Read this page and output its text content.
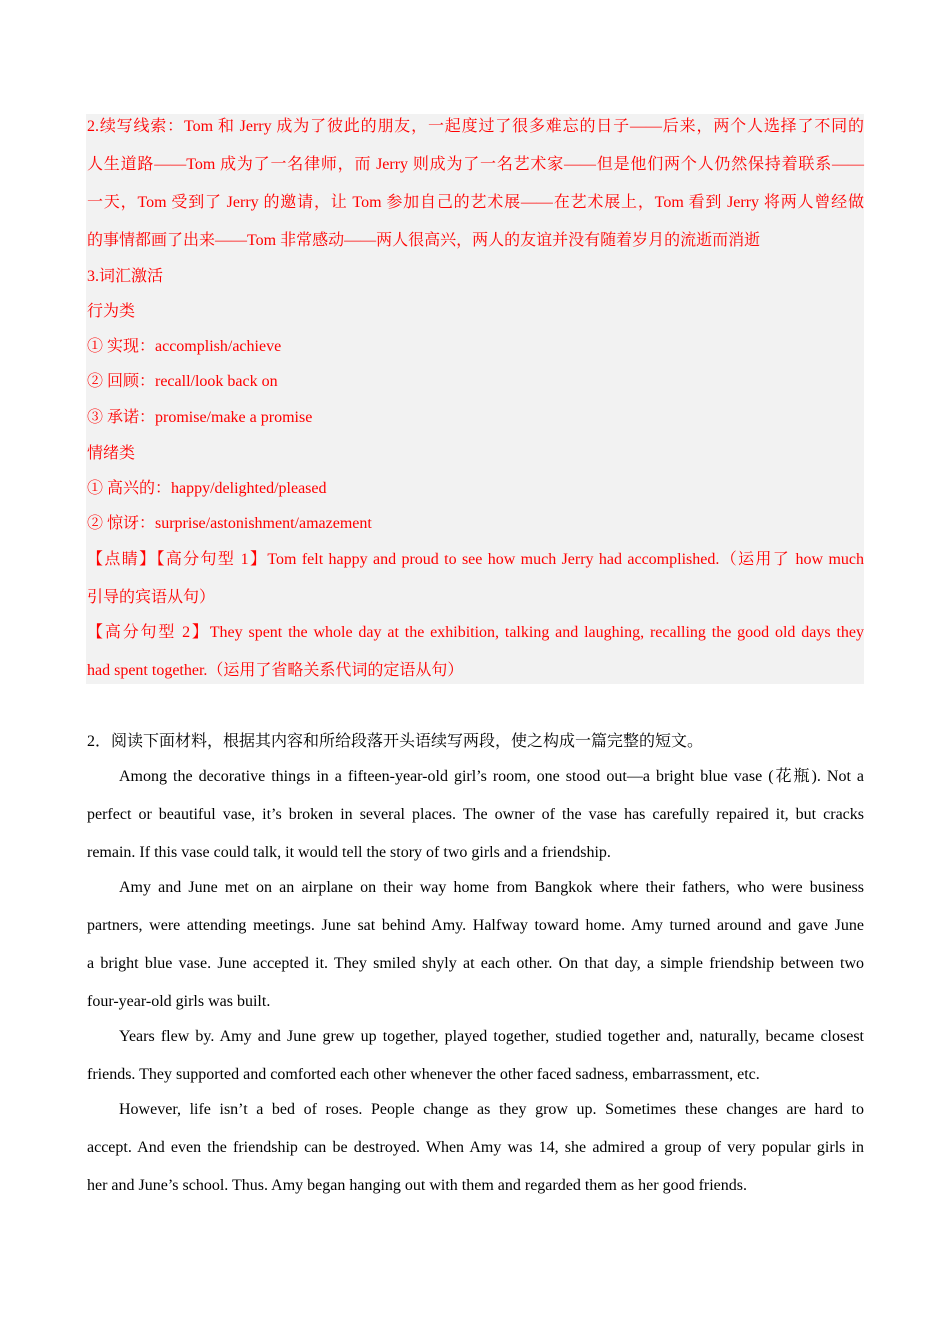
2.续写线索：Tom 和 Jerry 成为了彼此的朋友，一起度过了很多难忘的日子——后来，两个人选择了不同的
人生道路——Tom 成为了一名律师，而 Jerry 则成为了一名艺术家——但是他们两个人仍然保持着联系——
一天，Tom 受到了 Jerry 的邀请，让 Tom 参加自己的艺术展——在艺术展上，Tom 看到 Jerry 将两人曾经做
的事情都画了出来——Tom 非常感动——两人很高兴，两人的友谊并没有随着岁月的流逝而消逝
3.词汇激活
行为类
① 实现：accomplish/achieve
② 回顾：recall/look back on
③ 承诺：promise/make a promise
情绪类
① 高兴的：happy/delighted/pleased
② 惊讶：surprise/astonishment/amazement
【点睛】【高分句型 1】Tom felt happy and proud to see how much Jerry had accomplished.（运用了 how much
引导的宾语从句）
【高分句型 2】They spent the whole day at the exhibition, talking and laughing, recalling the good old days they
had spent together.（运用了省略关系代词的定语从句）
2．阅读下面材料，根据其内容和所给段落开头语续写两段，使之构成一篇完整的短文。
Among the decorative things in a fifteen-year-old girl’s room, one stood out—a bright blue vase (花瓶). Not a
perfect or beautiful vase, it’s broken in several places. The owner of the vase has carefully repaired it, but cracks
remain. If this vase could talk, it would tell the story of two girls and a friendship.
Amy and June met on an airplane on their way home from Bangkok where their fathers, who were business
partners, were attending meetings. June sat behind Amy. Halfway toward home. Amy turned around and gave June
a bright blue vase. June accepted it. They smiled shyly at each other. On that day, a simple friendship between two
four-year-old girls was built.
Years flew by. Amy and June grew up together, played together, studied together and, naturally, became closest
friends. They supported and comforted each other whenever the other faced sadness, embarrassment, etc.
However, life isn’t a bed of roses. People change as they grow up. Sometimes these changes are hard to
accept. And even the friendship can be destroyed. When Amy was 14, she admired a group of very popular girls in
her and June’s school. Thus. Amy began hanging out with them and regarded them as her good friends.
